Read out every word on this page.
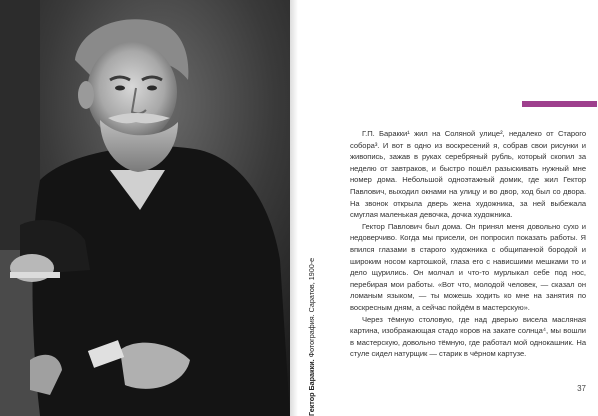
Гектор Баракки. Фотография. Саратов, 1900-е

Г.П. Баракки¹ жил на Соляной улице², недалеко от Старого собора³. И вот в одно из воскресений я, собрав свои рисунки и живопись, зажав в руках серебряный рубль, который скопил за неделю от завтраков, и быстро пошёл разыскивать нужный мне номер дома. Небольшой одноэтажный домик, где жил Гектор Павлович, выходил окнами на улицу и во двор, ход был со двора. На звонок открыла дверь жена художника, за ней выбежала смуглая маленькая девочка, дочка художника.

Гектор Павлович был дома. Он принял меня довольно сухо и недоверчиво. Когда мы присели, он попросил показать работы. Я впился глазами в старого художника с общипанной бородой и широким носом картошкой, глаза его с нависшими мешками то и дело щурились. Он молчал и что-то мурлыкал себе под нос, перебирая мои работы. «Вот что, молодой человек, — сказал он ломаным языком, — ты можешь ходить ко мне на занятия по воскресным дням, а сейчас пойдём в мастерскую».

Через тёмную столовую, где над дверью висела масляная картина, изображающая стадо коров на закате солнца⁴, мы вошли в мастерскую, довольно тёмную, где работал мой однокашник. На стуле сидел натурщик — старик в чёрном картузе.

37
